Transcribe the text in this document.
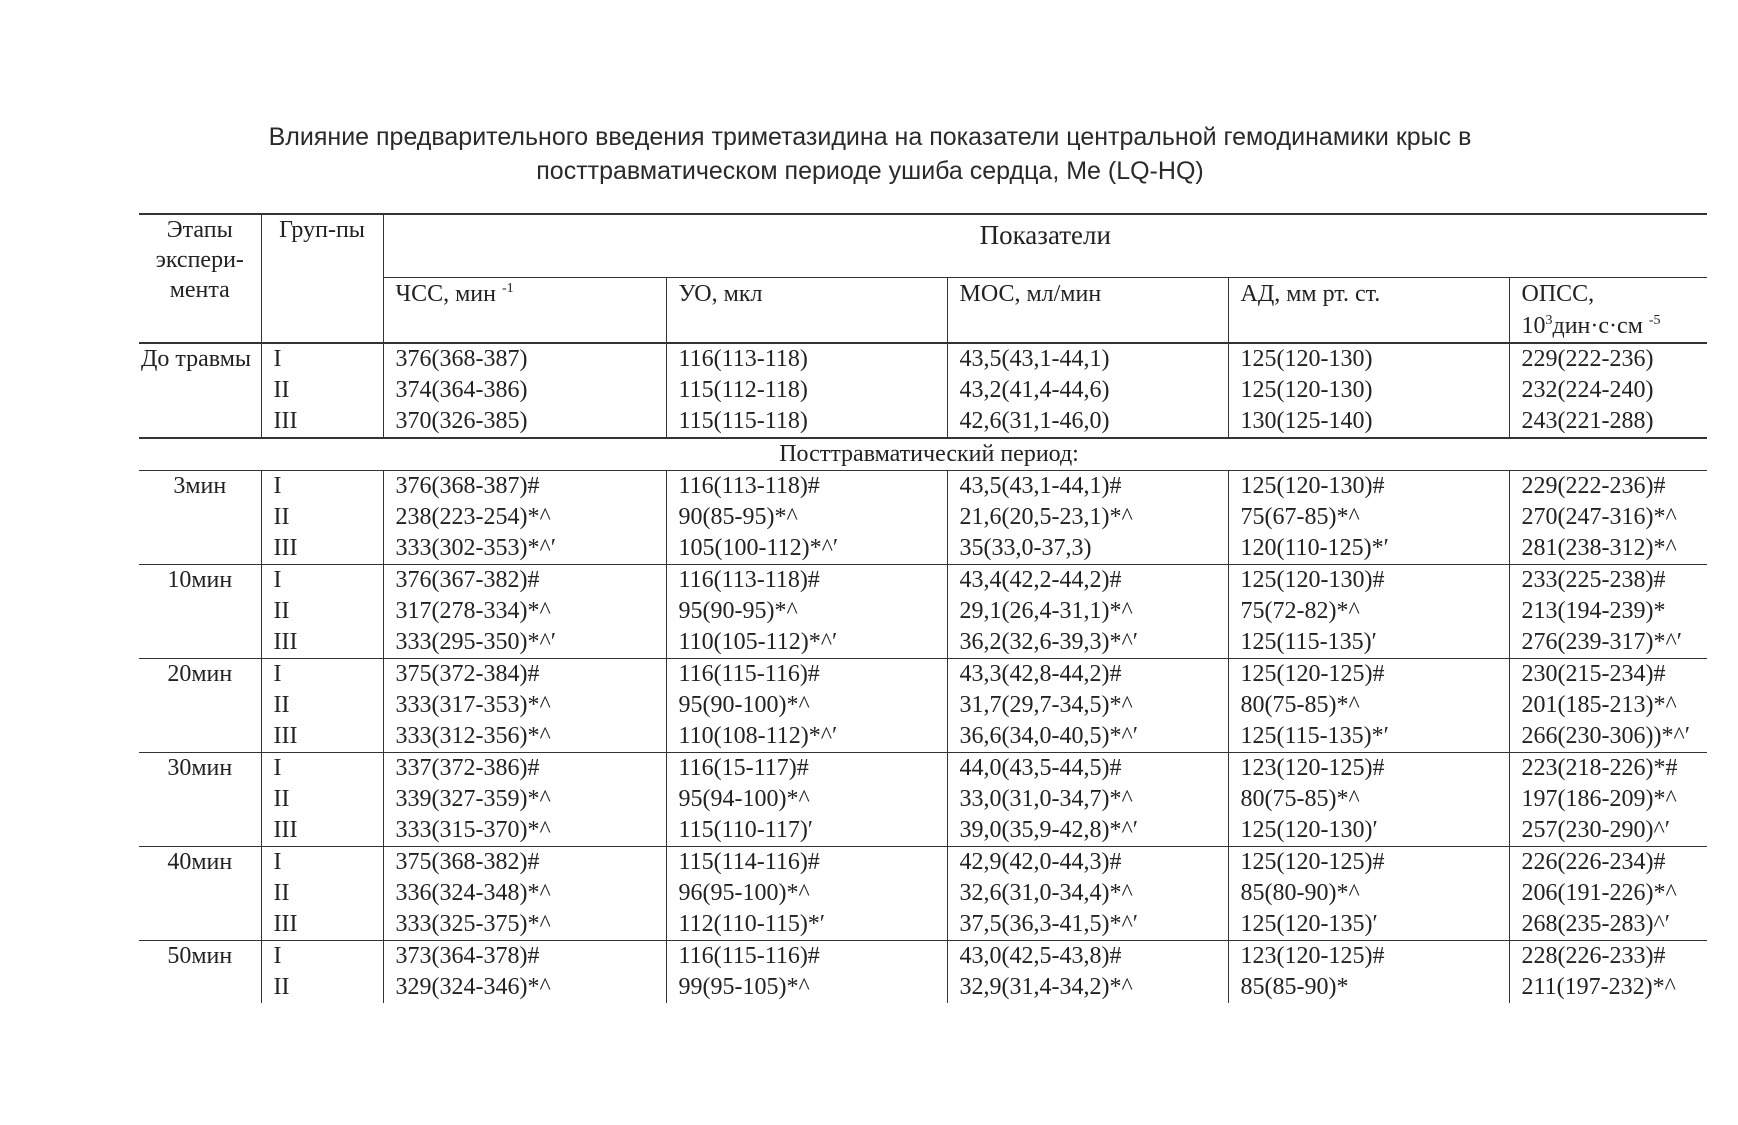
Влияние предварительного введения триметазидина на показатели центральной гемодинамики крыс в
посттравматическом периоде ушиба сердца, Me (LQ-HQ)
Этапы экспери-мента	Груп-пы	Показатели				
		ЧСС, мин $^{-1}$	УО, мкл	МОС, мл/мин	АД, мм рт. ст.	ОПСС,
$10^3дин\cdot с\cdot см$ $^{-5}$
До травмы	I	376(368-387)	116(113-118)	43,5(43,1-44,1)	125(120-130)	229(222-236)
	II	374(364-386)	115(112-118)	43,2(41,4-44,6)	125(120-130)	232(224-240)
	III	370(326-385)	115(115-118)	42,6(31,1-46,0)	130(125-140)	243(221-288)
Посттравматический период:						
3мин	I	376(368-387)#	116(113-118)#	43,5(43,1-44,1)#	125(120-130)#	229(222-236)#
	II	238(223-254)*^	90(85-95)*^	21,6(20,5-23,1)*^	75(67-85)*^	270(247-316)*^
	III	333(302-353)*^′	105(100-112)*^′	35(33,0-37,3)	120(110-125)*′	281(238-312)*^
10мин	I	376(367-382)#	116(113-118)#	43,4(42,2-44,2)#	125(120-130)#	233(225-238)#
	II	317(278-334)*^	95(90-95)*^	29,1(26,4-31,1)*^	75(72-82)*^	213(194-239)*
	III	333(295-350)*^′	110(105-112)*^′	36,2(32,6-39,3)*^′	125(115-135)′	276(239-317)*^′
20мин	I	375(372-384)#	116(115-116)#	43,3(42,8-44,2)#	125(120-125)#	230(215-234)#
	II	333(317-353)*^	95(90-100)*^	31,7(29,7-34,5)*^	80(75-85)*^	201(185-213)*^
	III	333(312-356)*^	110(108-112)*^′	36,6(34,0-40,5)*^′	125(115-135)*′	266(230-306))*^′
30мин	I	337(372-386)#	116(15-117)#	44,0(43,5-44,5)#	123(120-125)#	223(218-226)*#
	II	339(327-359)*^	95(94-100)*^	33,0(31,0-34,7)*^	80(75-85)*^	197(186-209)*^
	III	333(315-370)*^	115(110-117)′	39,0(35,9-42,8)*^′	125(120-130)′	257(230-290)^′
40мин	I	375(368-382)#	115(114-116)#	42,9(42,0-44,3)#	125(120-125)#	226(226-234)#
	II	336(324-348)*^	96(95-100)*^	32,6(31,0-34,4)*^	85(80-90)*^	206(191-226)*^
	III	333(325-375)*^	112(110-115)*′	37,5(36,3-41,5)*^′	125(120-135)′	268(235-283)^′
50мин	I	373(364-378)#	116(115-116)#	43,0(42,5-43,8)#	123(120-125)#	228(226-233)#
	II	329(324-346)*^	99(95-105)*^	32,9(31,4-34,2)*^	85(85-90)*	211(197-232)*^
